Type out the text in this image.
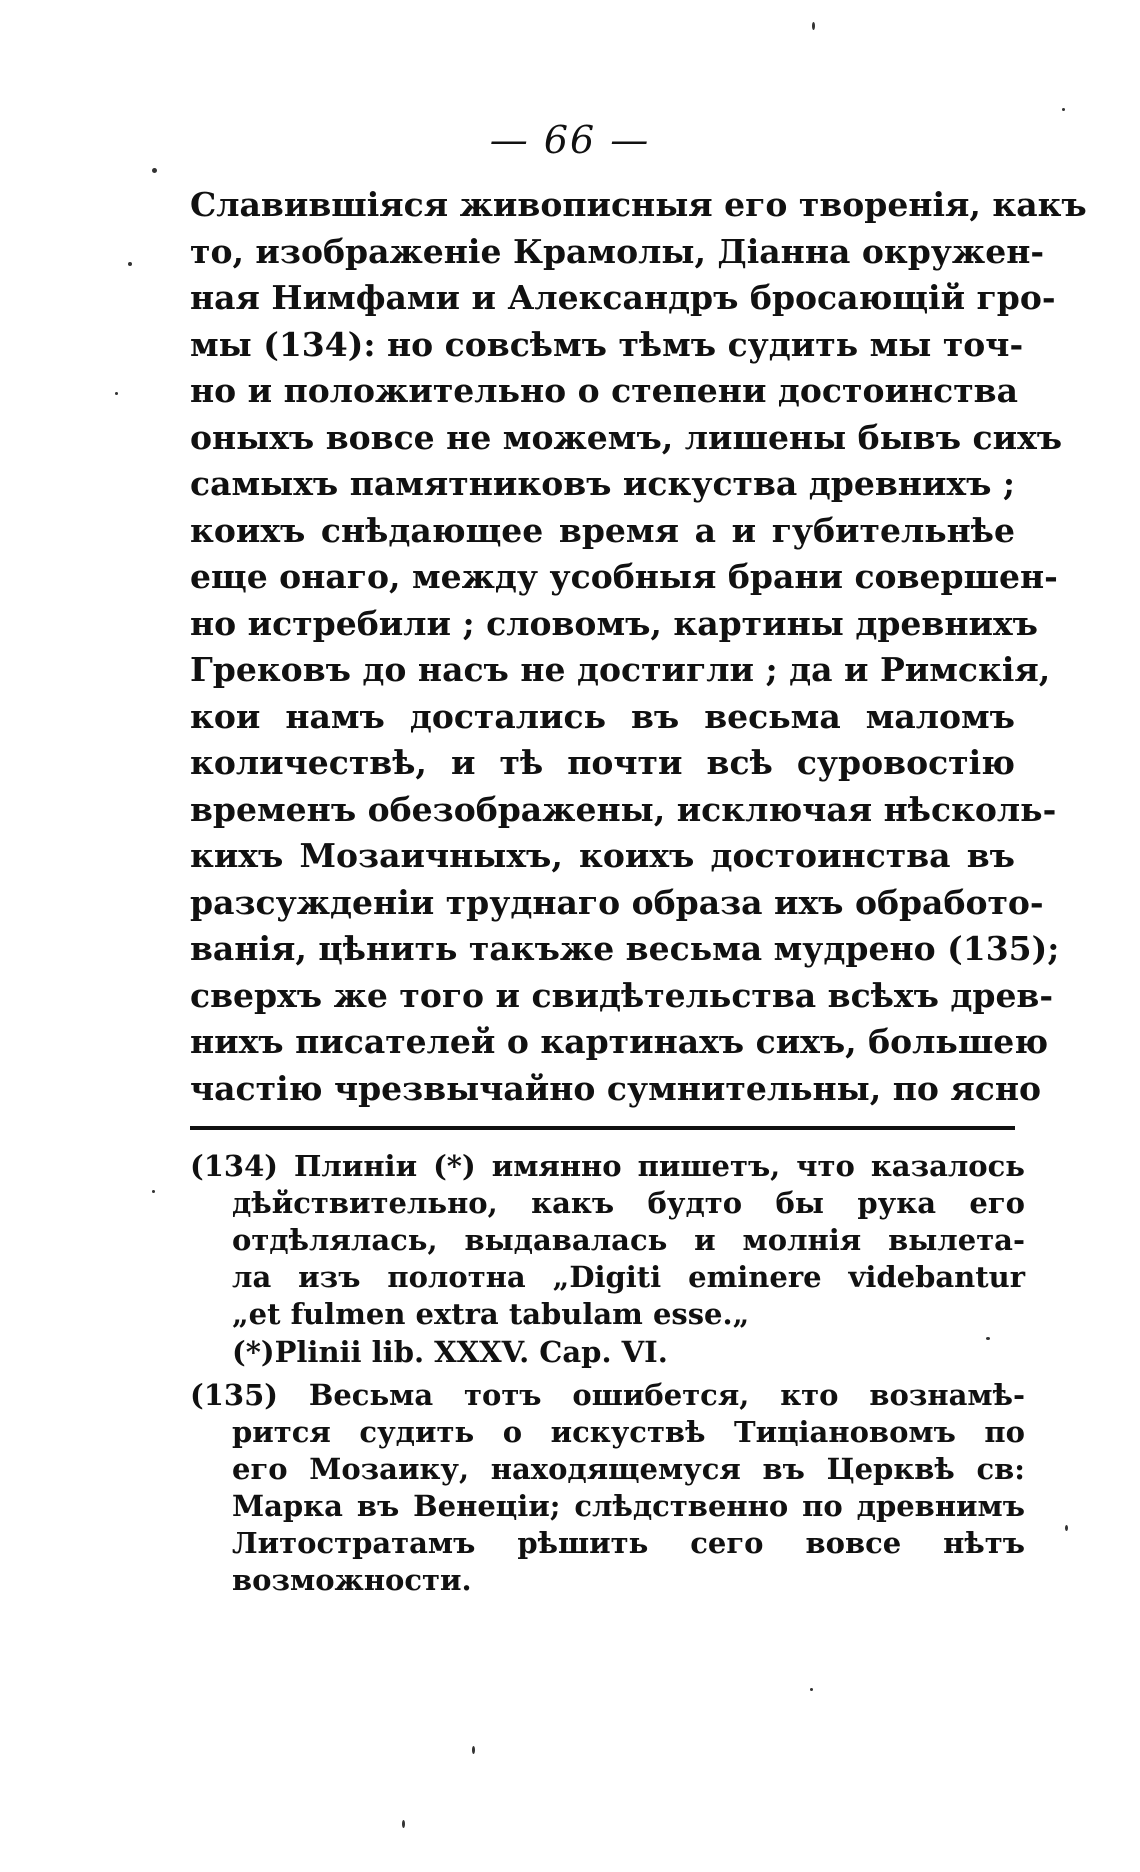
— 66 —
Славившіяся живописныя его творенія, какъ
то, изображеніе Крамолы, Діанна окружен-
ная Нимфами и Александръ бросающій гро-
мы (134): но совсѣмъ тѣмъ судить мы точ-
но и положительно о степени достоинства
оныхъ вовсе не можемъ, лишены бывъ сихъ
самыхъ памятниковъ искуства древнихъ ;
коихъ снѣдающее время а и губительнѣе
еще онаго, между усобныя брани совершен-
но истребили ; словомъ, картины древнихъ
Грековъ до насъ не достигли ; да и Римскія,
кои намъ достались въ весьма маломъ
количествѣ, и тѣ почти всѣ суровостію
временъ обезображены, исключая нѣсколь-
кихъ Мозаичныхъ, коихъ достоинства въ
разсужденіи труднаго образа ихъ обработо-
ванія, цѣнить такъже весьма мудрено (135);
сверхъ же того и свидѣтельства всѣхъ древ-
нихъ писателей о картинахъ сихъ, большею
частію чрезвычайно сумнительны, по ясно
(134) Плиніи (*) имянно пишетъ, что казалось
дѣйствительно, какъ будто бы рука его
отдѣлялась, выдавалась и молнія вылета-
ла изъ полотна „Digiti eminere videbantur
„et fulmen extra tabulam esse.„
(*)Plinii lib. XXXV. Cap. VI.
(135) Весьма тотъ ошибется, кто вознамѣ-
рится судить о искуствѣ Тиціановомъ по
его Мозаику, находящемуся въ Церквѣ св:
Марка въ Венеціи; слѣдственно по древнимъ
Литостратамъ рѣшить сего вовсе нѣтъ
возможности.
